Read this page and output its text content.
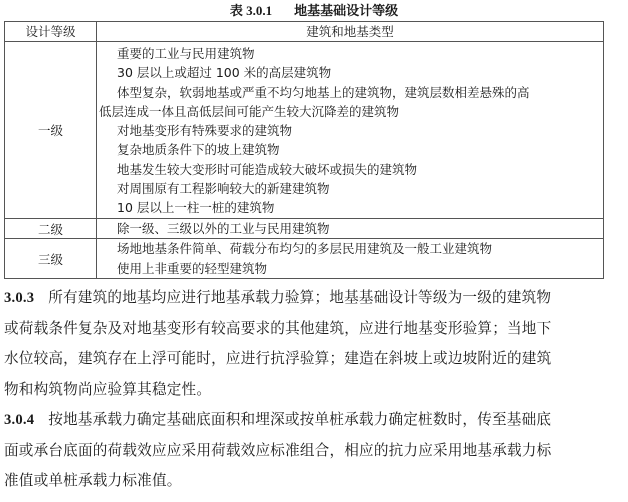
表 3.0.1 地基基础设计等级
设计等级	建筑和地基类型
一级	
重要的工业与民用建筑物
30 层以上或超过 100 米的高层建筑物
体型复杂，软弱地基或严重不均匀地基上的建筑物，建筑层数相差悬殊的高
低层连成一体且高低层间可能产生较大沉降差的建筑物
对地基变形有特殊要求的建筑物
复杂地质条件下的坡上建筑物
地基发生较大变形时可能造成较大破坏或损失的建筑物
对周围原有工程影响较大的新建建筑物
10 层以上一柱一桩的建筑物

二级	除一级、三级以外的工业与民用建筑物

三级	场地地基条件简单、荷载分布均匀的多层民用建筑及一般工业建筑物
使用上非重要的轻型建筑物
3.0.3 所有建筑的地基均应进行地基承载力验算；地基基础设计等级为一级的建筑物
或荷载条件复杂及对地基变形有较高要求的其他建筑，应进行地基变形验算；当地下
水位较高，建筑存在上浮可能时，应进行抗浮验算；建造在斜坡上或边坡附近的建筑
物和构筑物尚应验算其稳定性。
3.0.4 按地基承载力确定基础底面积和埋深或按单桩承载力确定桩数时，传至基础底
面或承台底面的荷载效应应采用荷载效应标准组合，相应的抗力应采用地基承载力标
准值或单桩承载力标准值。
